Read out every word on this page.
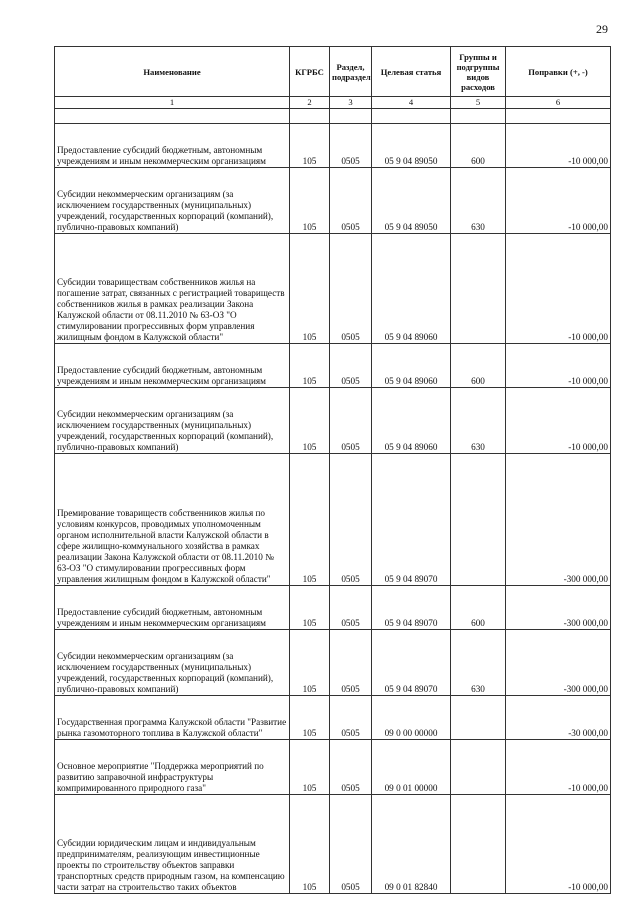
29
Наименование	КГРБС	Раздел, подраздел	Целевая статья	Группы и подгруппы видов расходов	Поправки (+, -)
1	2	3	4	5	6

Предоставление субсидий бюджетным, автономным учреждениям и иным некоммерческим организациям	105	0505	05 9 04 89050	600	-10 000,00
Субсидии некоммерческим организациям (за исключением государственных (муниципальных) учреждений, государственных корпораций (компаний), публично-правовых компаний)	105	0505	05 9 04 89050	630	-10 000,00
Субсидии товариществам собственников жилья на погашение затрат, связанных с регистрацией товариществ собственников жилья в рамках реализации Закона Калужской области от 08.11.2010 № 63-ОЗ "О стимулировании прогрессивных форм управления жилищным фондом в Калужской области"	105	0505	05 9 04 89060		-10 000,00
Предоставление субсидий бюджетным, автономным учреждениям и иным некоммерческим организациям	105	0505	05 9 04 89060	600	-10 000,00
Субсидии некоммерческим организациям (за исключением государственных (муниципальных) учреждений, государственных корпораций (компаний), публично-правовых компаний)	105	0505	05 9 04 89060	630	-10 000,00
Премирование товариществ собственников жилья по условиям конкурсов, проводимых уполномоченным органом исполнительной власти Калужской области в сфере жилищно-коммунального хозяйства в рамках реализации Закона Калужской области от 08.11.2010 № 63-ОЗ "О стимулировании прогрессивных форм управления жилищным фондом в Калужской области"	105	0505	05 9 04 89070		-300 000,00
Предоставление субсидий бюджетным, автономным учреждениям и иным некоммерческим организациям	105	0505	05 9 04 89070	600	-300 000,00
Субсидии некоммерческим организациям (за исключением государственных (муниципальных) учреждений, государственных корпораций (компаний), публично-правовых компаний)	105	0505	05 9 04 89070	630	-300 000,00
Государственная программа Калужской области "Развитие рынка газомоторного топлива в Калужской области"	105	0505	09 0 00 00000		-30 000,00
Основное мероприятие "Поддержка мероприятий по развитию заправочной инфраструктуры компримированного природного газа"	105	0505	09 0 01 00000		-10 000,00
Субсидии юридическим лицам и индивидуальным предпринимателям, реализующим инвестиционные проекты по строительству объектов заправки транспортных средств природным газом, на компенсацию части затрат на строительство таких объектов	105	0505	09 0 01 82840		-10 000,00
